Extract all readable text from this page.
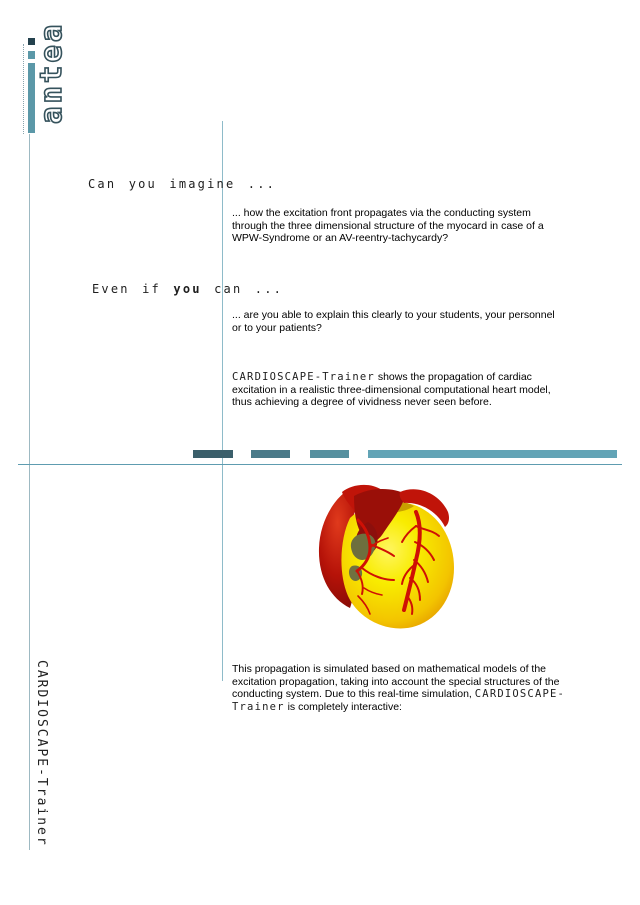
antea
Can you imagine ...
Even if you can ...
... how the excitation front propagates via the conducting system through the three dimensional structure of the myocard in case of a WPW-Syndrome or an AV-reentry-tachycardy?
... are you able to explain this clearly to your students, your personnel or to your patients?
CARDIOSCAPE-Trainer shows the propagation of cardiac excitation in a realistic three-dimensional computational heart model, thus achieving a degree of vividness never seen before.
This propagation is simulated based on mathematical models of the excitation propagation, taking into account the special structures of the conducting system. Due to this real-time simulation, CARDIOSCAPE-Trainer is completely interactive:
CARDIOSCAPE-Trainer
